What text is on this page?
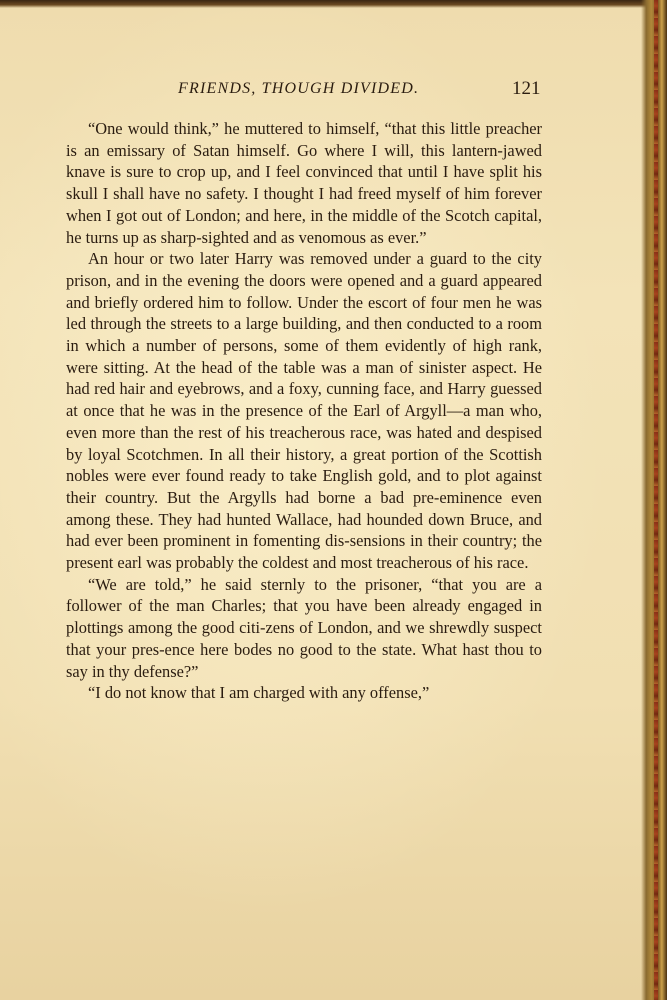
FRIENDS, THOUGH DIVIDED.	121

“One would think,” he muttered to himself, “that this little preacher is an emissary of Satan himself. Go where I will, this lantern-jawed knave is sure to crop up, and I feel convinced that until I have split his skull I shall have no safety. I thought I had freed myself of him forever when I got out of London; and here, in the middle of the Scotch capital, he turns up as sharp-sighted and as venomous as ever.”

An hour or two later Harry was removed under a guard to the city prison, and in the evening the doors were opened and a guard appeared and briefly ordered him to follow. Under the escort of four men he was led through the streets to a large building, and then conducted to a room in which a number of persons, some of them evidently of high rank, were sitting. At the head of the table was a man of sinister aspect. He had red hair and eyebrows, and a foxy, cunning face, and Harry guessed at once that he was in the presence of the Earl of Argyll—a man who, even more than the rest of his treacherous race, was hated and despised by loyal Scotchmen. In all their history, a great portion of the Scottish nobles were ever found ready to take English gold, and to plot against their country. But the Argylls had borne a bad pre-eminence even among these. They had hunted Wallace, had hounded down Bruce, and had ever been prominent in fomenting dis-sensions in their country; the present earl was probably the coldest and most treacherous of his race.

“We are told,” he said sternly to the prisoner, “that you are a follower of the man Charles; that you have been already engaged in plottings among the good citi-zens of London, and we shrewdly suspect that your pres-ence here bodes no good to the state. What hast thou to say in thy defense?”

“I do not know that I am charged with any offense,”
